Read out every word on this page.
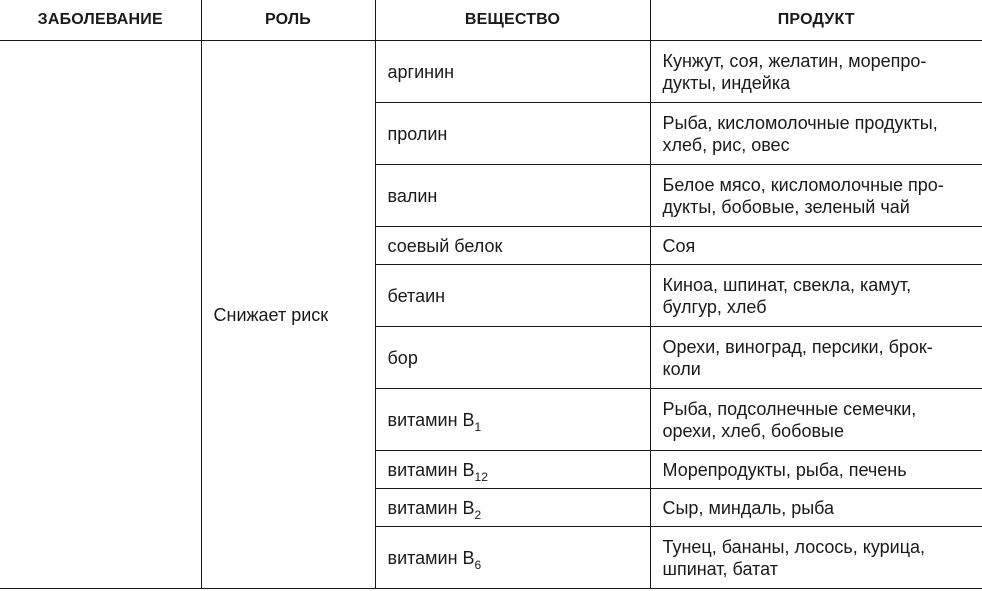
ЗАБОЛЕВАНИЕ	РОЛЬ	ВЕЩЕСТВО	ПРОДУКТ
	Снижает риск	аргинин	Кунжут, соя, желатин, морепро-дукты, индейка
		пролин	Рыба, кисломолочные продукты, хлеб, рис, овес
		валин	Белое мясо, кисломолочные про-дукты, бобовые, зеленый чай
		соевый белок	Соя
		бетаин	Киноа, шпинат, свекла, камут, булгур, хлеб
		бор	Орехи, виноград, персики, брок-коли
		витамин $B_1$	Рыба, подсолнечные семечки, орехи, хлеб, бобовые
		витамин $B_{12}$	Морепродукты, рыба, печень
		витамин $B_2$	Сыр, миндаль, рыба
		витамин $B_6$	Тунец, бананы, лосось, курица, шпинат, батат
